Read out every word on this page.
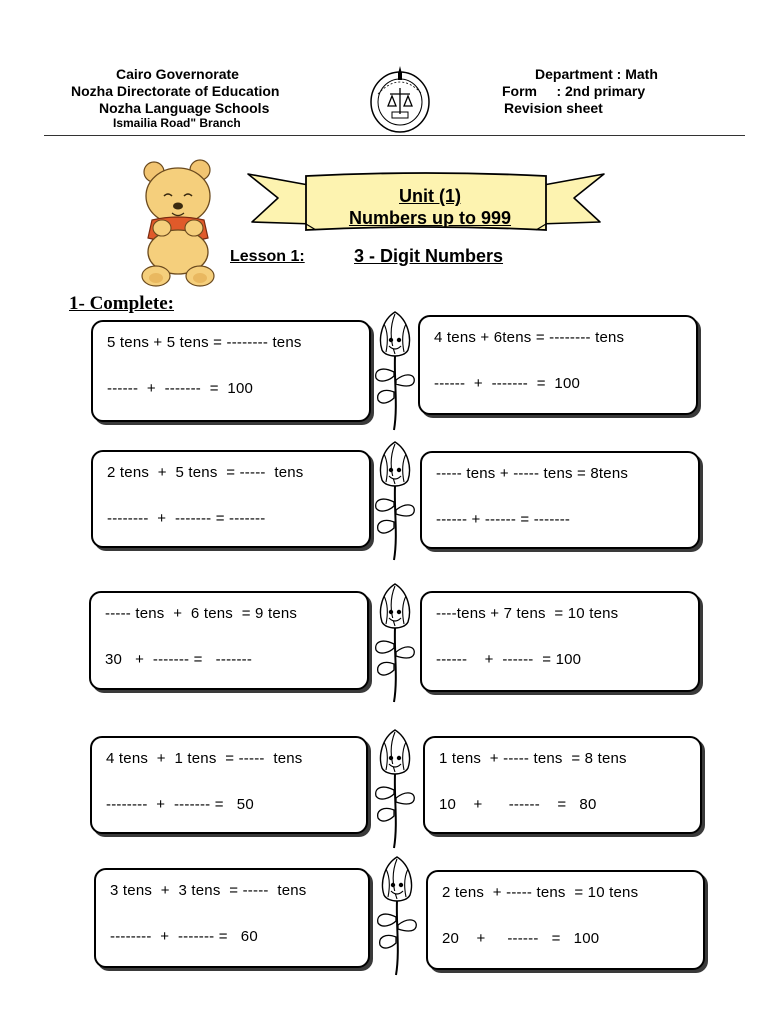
Cairo Governorate
Nozha Directorate of Education
Nozha Language Schools
Ismailia Road" Branch
Department : Math
Form     : 2nd primary
Revision sheet
Unit (1)
Numbers up to 999
Lesson 1:	3 - Digit Numbers
1- Complete:
5 tens + 5 tens = -------- tens
------  +  -------  =  100
4 tens + 6tens = -------- tens
------  +  -------  =  100
2 tens  +  5 tens  = -----  tens
--------  +  ------- = -------
----- tens + ----- tens = 8tens
------ + ------ = -------
----- tens  +  6 tens  = 9 tens
30   +  ------- =   -------
----tens + 7 tens  = 10 tens
------    +  ------  = 100
4 tens  +  1 tens  = -----  tens
--------  +  ------- =   50
1 tens  + ----- tens  = 8 tens
10    +      ------    =   80
3 tens  +  3 tens  = -----  tens
--------  +  ------- =   60
2 tens  + ----- tens  = 10 tens
20    +     ------   =   100
